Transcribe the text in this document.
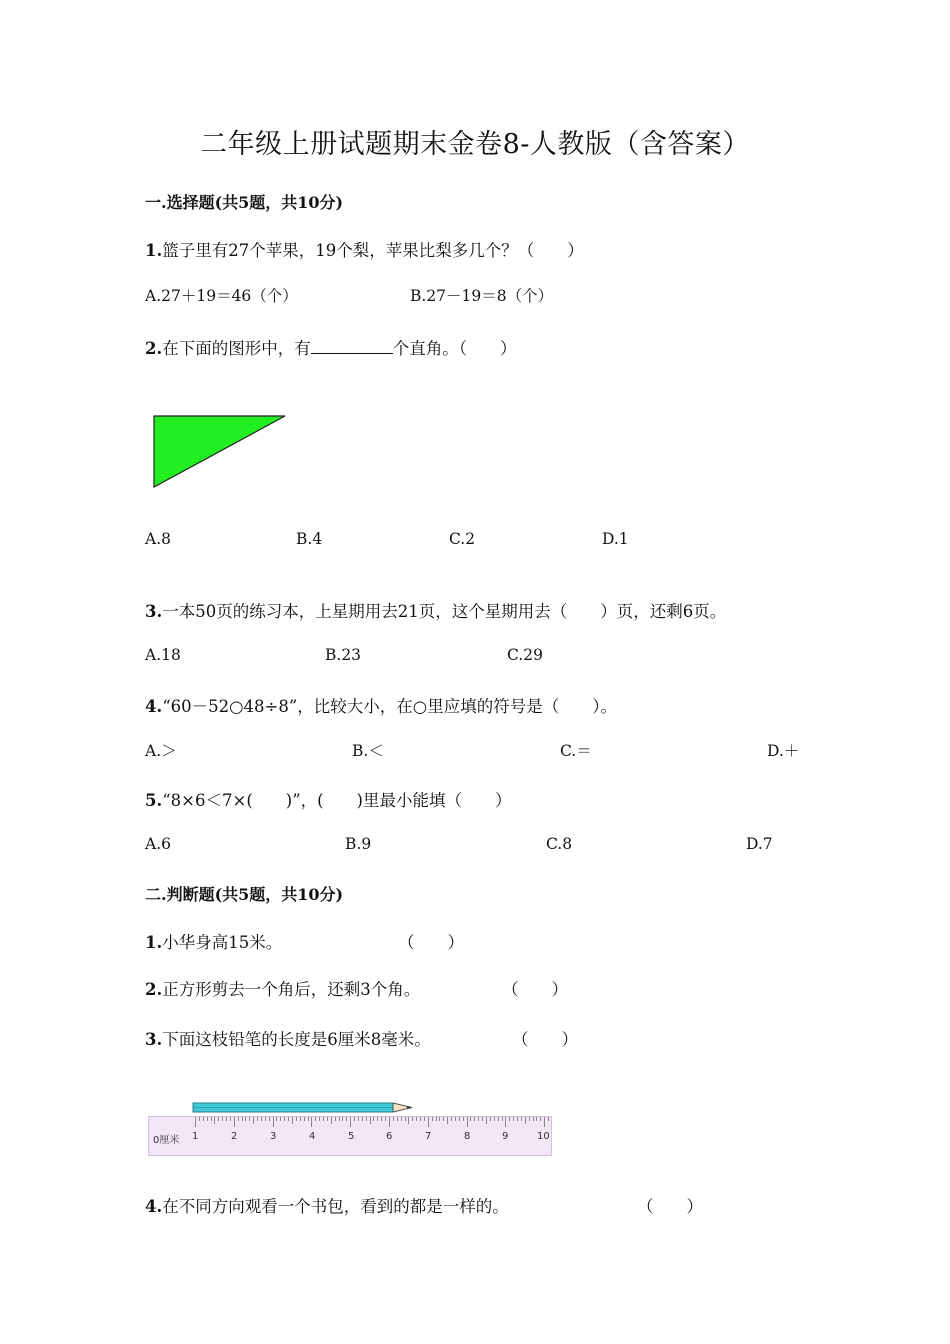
二年级上册试题期末金卷8-人教版（含答案）
一.选择题(共5题，共10分)
1.篮子里有27个苹果，19个梨，苹果比梨多几个？（　　）
A.27＋19＝46（个）	B.27－19＝8（个）
2.在下面的图形中，有	个直角。（　　）
A.8	B.4	C.2	D.1
3.一本50页的练习本，上星期用去21页，这个星期用去（　　）页，还剩6页。
A.18	B.23	C.29
4.“60－52○48÷8”，比较大小，在○里应填的符号是（　　）。
A.＞	B.＜	C.＝	D.＋
5.“8×6＜7×(　　)”，(　　)里最小能填（　　）
A.6	B.9	C.8	D.7
二.判断题(共5题，共10分)
1.小华身高15米。	（　　）
2.正方形剪去一个角后，还剩3个角。	（　　）
3.下面这枝铅笔的长度是6厘米8毫米。	（　　）
0厘米 1	2	3	4	5	6	7	8	9	10
4.在不同方向观看一个书包，看到的都是一样的。	（　　）
